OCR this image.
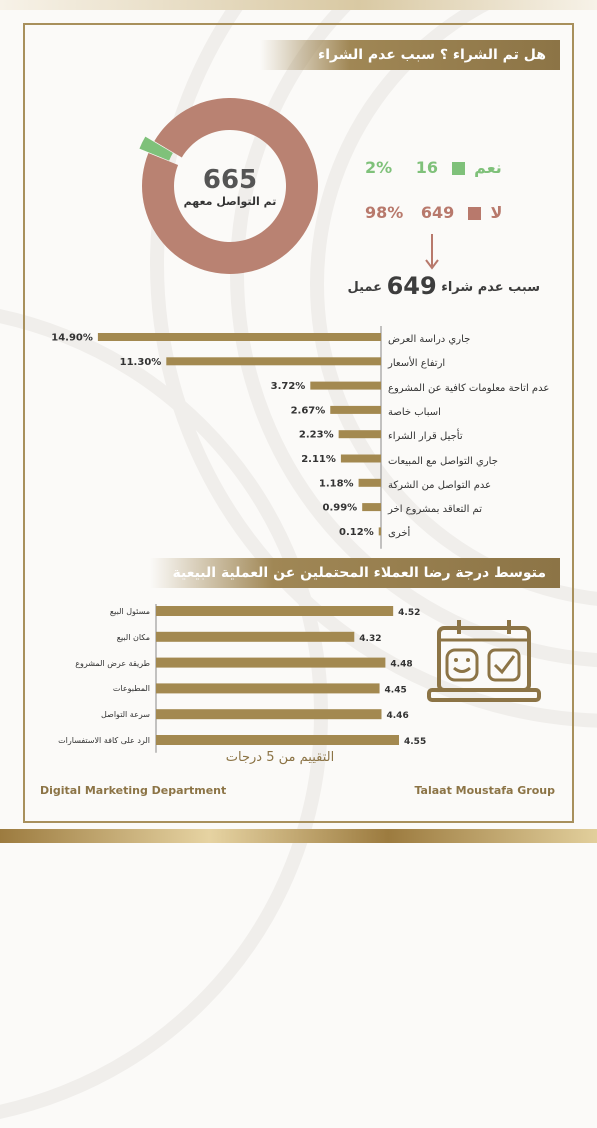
هل تم الشراء ؟ سبب عدم الشراء
665
تم التواصل معهم
2%	نعم  16
98%	لا  649
سبب عدم شراء 649 عميل
14.90%
11.30%
3.72%
2.67%
2.23%
2.11%
1.18%
0.99%
0.12%
جاري دراسة العرض
ارتفاع الأسعار
عدم اتاحة معلومات كافية عن المشروع
اسباب خاصة
تأجيل قرار الشراء
جاري التواصل مع المبيعات
عدم التواصل من الشركة
تم التعاقد بمشروع اخر
أخرى
متوسط درجة رضا العملاء المحتملين عن العملية البيعية
4.52
4.32
4.48
4.45
4.46
4.55
مسئول البيع
مكان البيع
طريقة عرض المشروع
المطبوعات
سرعة التواصل
الرد على كافة الاستفسارات
التقييم من 5 درجات
Digital Marketing Department	Talaat Moustafa Group
